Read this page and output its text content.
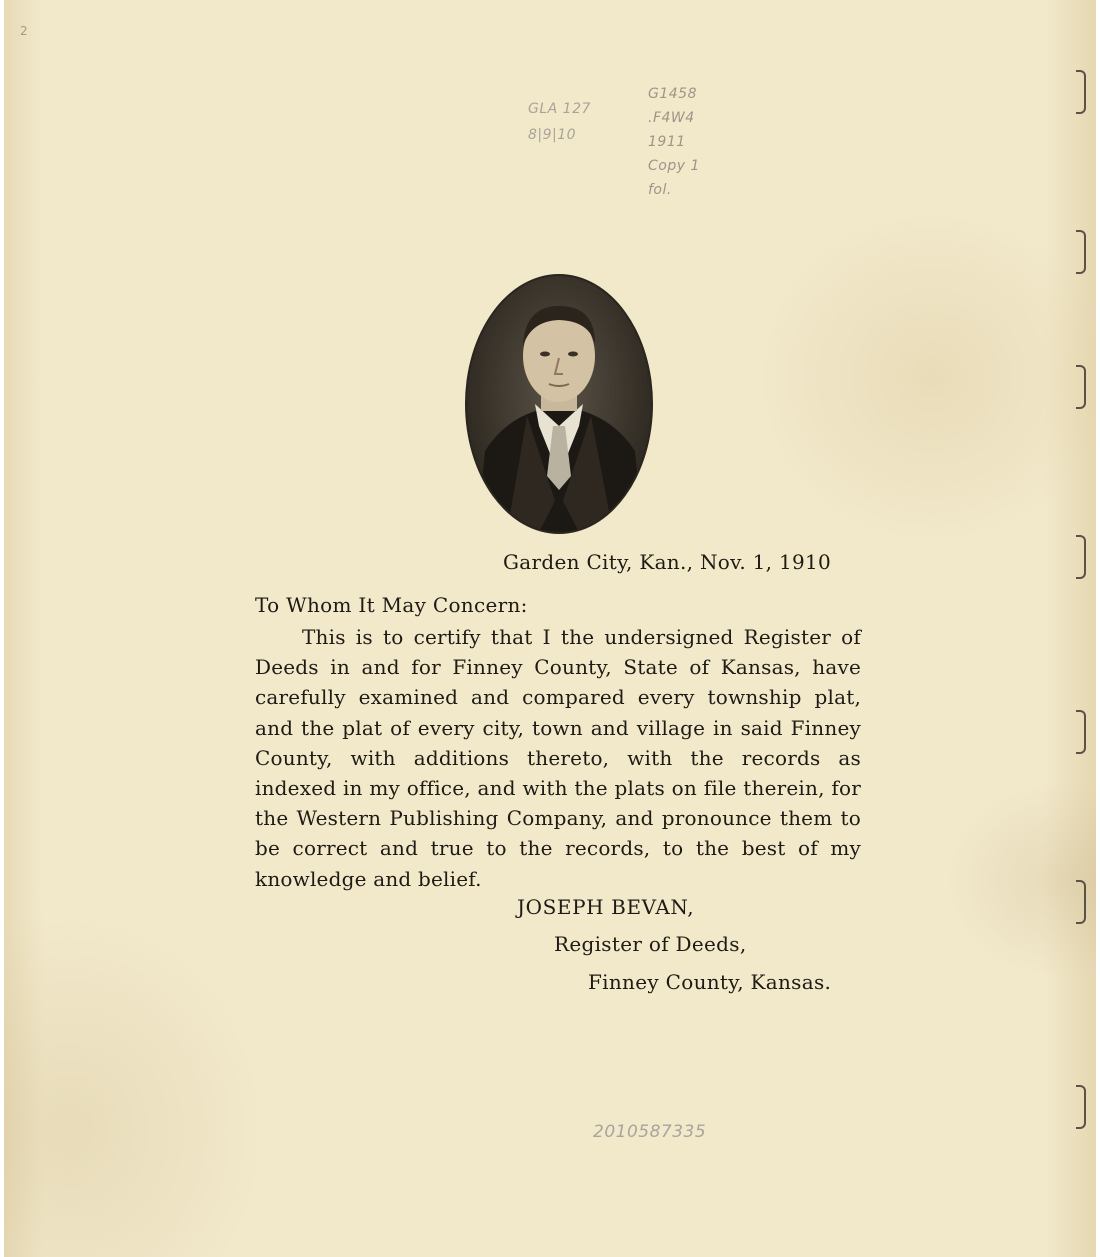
2
GLA 127
8|9|10
G1458
.F4W4
1911
Copy 1
fol.
Garden City, Kan., Nov. 1, 1910
To Whom It May Concern:
This is to certify that I the undersigned Register of Deeds in and for Finney County, State of Kansas, have carefully examined and compared every township plat, and the plat of every city, town and village in said Finney County, with additions thereto, with the records as indexed in my office, and with the plats on file therein, for the Western Publishing Company, and pronounce them to be correct and true to the records, to the best of my knowledge and belief.
JOSEPH BEVAN,
Register of Deeds,
Finney County, Kansas.
2010587335
